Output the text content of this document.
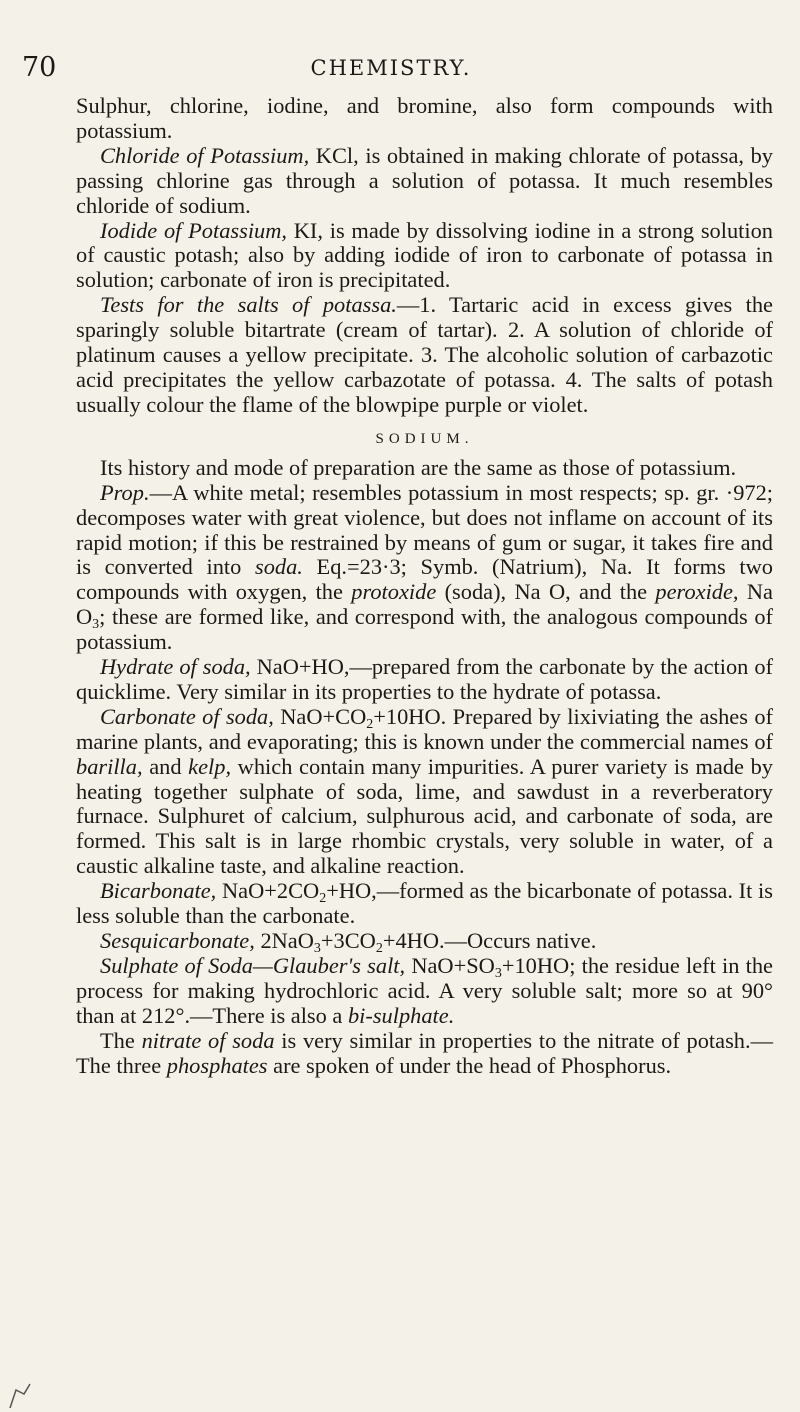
70	CHEMISTRY.

Sulphur, chlorine, iodine, and bromine, also form compounds with potassium.

Chloride of Potassium, KCl, is obtained in making chlorate of potassa, by passing chlorine gas through a solution of potassa. It much resembles chloride of sodium.

Iodide of Potassium, KI, is made by dissolving iodine in a strong solution of caustic potash; also by adding iodide of iron to carbonate of potassa in solution; carbonate of iron is precipitated.

Tests for the salts of potassa.—1. Tartaric acid in excess gives the sparingly soluble bitartrate (cream of tartar). 2. A solution of chloride of platinum causes a yellow precipitate. 3. The alcoholic solution of carbazotic acid precipitates the yellow carbazotate of potassa. 4. The salts of potash usually colour the flame of the blowpipe purple or violet.

SODIUM.

Its history and mode of preparation are the same as those of potassium.

Prop.—A white metal; resembles potassium in most respects; sp. gr. ·972; decomposes water with great violence, but does not inflame on account of its rapid motion; if this be restrained by means of gum or sugar, it takes fire and is converted into soda. Eq.=23·3; Symb. (Natrium), Na. It forms two compounds with oxygen, the protoxide (soda), Na O, and the peroxide, Na $O_3$; these are formed like, and correspond with, the analogous compounds of potassium.

Hydrate of soda, NaO+HO,—prepared from the carbonate by the action of quicklime. Very similar in its properties to the hydrate of potassa.

Carbonate of soda, $NaO+CO_2+10HO$. Prepared by lixiviating the ashes of marine plants, and evaporating; this is known under the commercial names of barilla, and kelp, which contain many impurities. A purer variety is made by heating together sulphate of soda, lime, and sawdust in a reverberatory furnace. Sulphuret of calcium, sulphurous acid, and carbonate of soda, are formed. This salt is in large rhombic crystals, very soluble in water, of a caustic alkaline taste, and alkaline reaction.

Bicarbonate, $NaO+2CO_2+HO,—formed$ as the bicarbonate of potassa. It is less soluble than the carbonate.

Sesquicarbonate, $2NaO_3+3CO_2+4HO.—Occurs$ native.

Sulphate of Soda—Glauber's salt, $NaO+SO_3+10HO$; the residue left in the process for making hydrochloric acid. A very soluble salt; more so at 90° than at 212°.—There is also a bi-sulphate.

The nitrate of soda is very similar in properties to the nitrate of potash.—The three phosphates are spoken of under the head of Phosphorus.
